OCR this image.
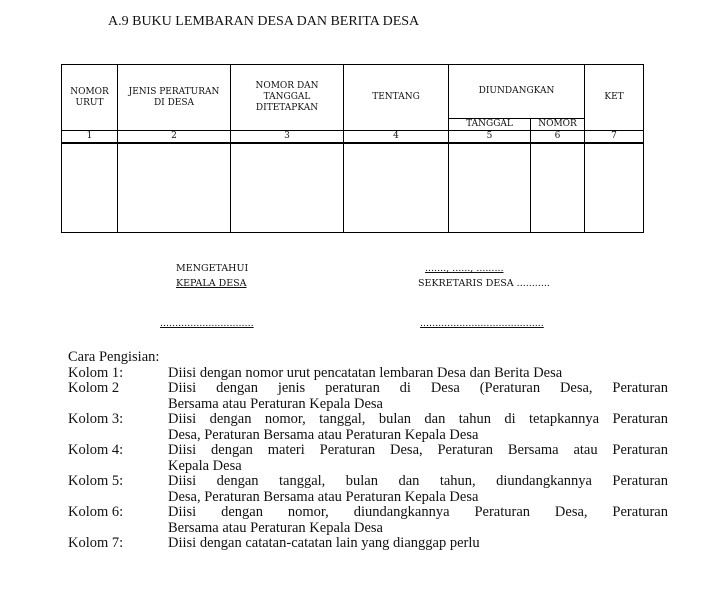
A.9 BUKU LEMBARAN DESA DAN BERITA DESA
NOMOR URUT	JENIS PERATURAN DI DESA	NOMOR DAN TANGGAL DITETAPKAN	TENTANG	DIUNDANGKAN		KET
				TANGGAL	NOMOR	
1	2	3	4	5	6	7

MENGETAHUI
KEPALA DESA
...............................
......., ......, .........
SEKRETARIS DESA ...........
.........................................
Cara Pengisian:
Kolom 1:	Diisi dengan nomor urut pencatatan lembaran Desa dan Berita Desa
Kolom 2	Diisi dengan jenis peraturan di Desa (Peraturan Desa, Peraturan
Bersama atau Peraturan Kepala Desa
Kolom 3:	Diisi dengan nomor, tanggal, bulan dan tahun di tetapkannya Peraturan
Desa, Peraturan Bersama atau Peraturan Kepala Desa
Kolom 4:	Diisi dengan materi Peraturan Desa, Peraturan Bersama atau Peraturan
Kepala Desa
Kolom 5:	Diisi dengan tanggal, bulan dan tahun, diundangkannya Peraturan
Desa, Peraturan Bersama atau Peraturan Kepala Desa
Kolom 6:	Diisi dengan nomor, diundangkannya Peraturan Desa, Peraturan
Bersama atau Peraturan Kepala Desa
Kolom 7:	Diisi dengan catatan-catatan lain yang dianggap perlu
